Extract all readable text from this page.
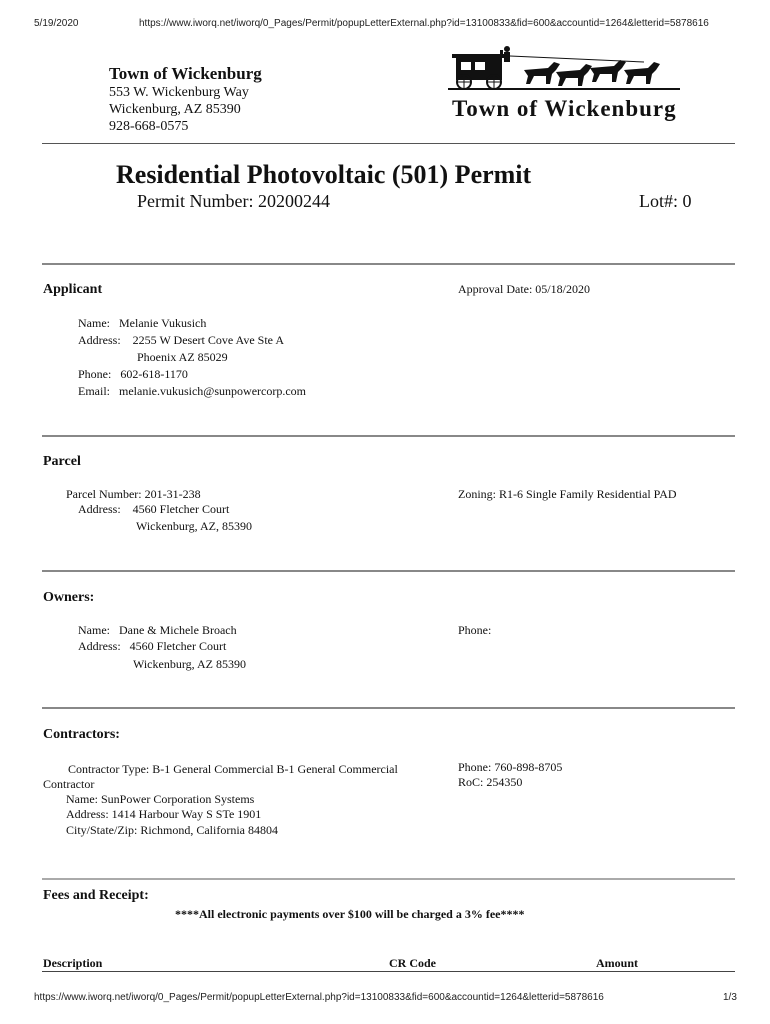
5/19/2020	https://www.iworq.net/iworq/0_Pages/Permit/popupLetterExternal.php?id=13100833&fid=600&accountid=1264&letterid=5878616
Town of Wickenburg
553 W. Wickenburg Way
Wickenburg, AZ 85390
928-668-0575
Town of Wickenburg
Residential Photovoltaic (501) Permit
Permit Number: 20200244	Lot#: 0
Applicant	Approval Date: 05/18/2020
Name:   Melanie Vukusich
Address:    2255 W Desert Cove Ave Ste A
Phoenix AZ 85029
Phone:   602-618-1170
Email:   melanie.vukusich@sunpowercorp.com
Parcel
Parcel Number: 201-31-238
Address:    4560 Fletcher Court
Wickenburg, AZ, 85390
Zoning: R1-6 Single Family Residential PAD
Owners:
Name:   Dane & Michele Broach
Address:   4560 Fletcher Court
Wickenburg, AZ 85390
Phone:
Contractors:
Contractor Type: B-1 General Commercial B-1 General Commercial
Contractor
Name: SunPower Corporation Systems
Address: 1414 Harbour Way S STe 1901
City/State/Zip: Richmond, California 84804
Phone: 760-898-8705
RoC: 254350
Fees and Receipt:
****All electronic payments over $100 will be charged a 3% fee****
Description	CR Code	Amount
https://www.iworq.net/iworq/0_Pages/Permit/popupLetterExternal.php?id=13100833&fid=600&accountid=1264&letterid=5878616	1/3
